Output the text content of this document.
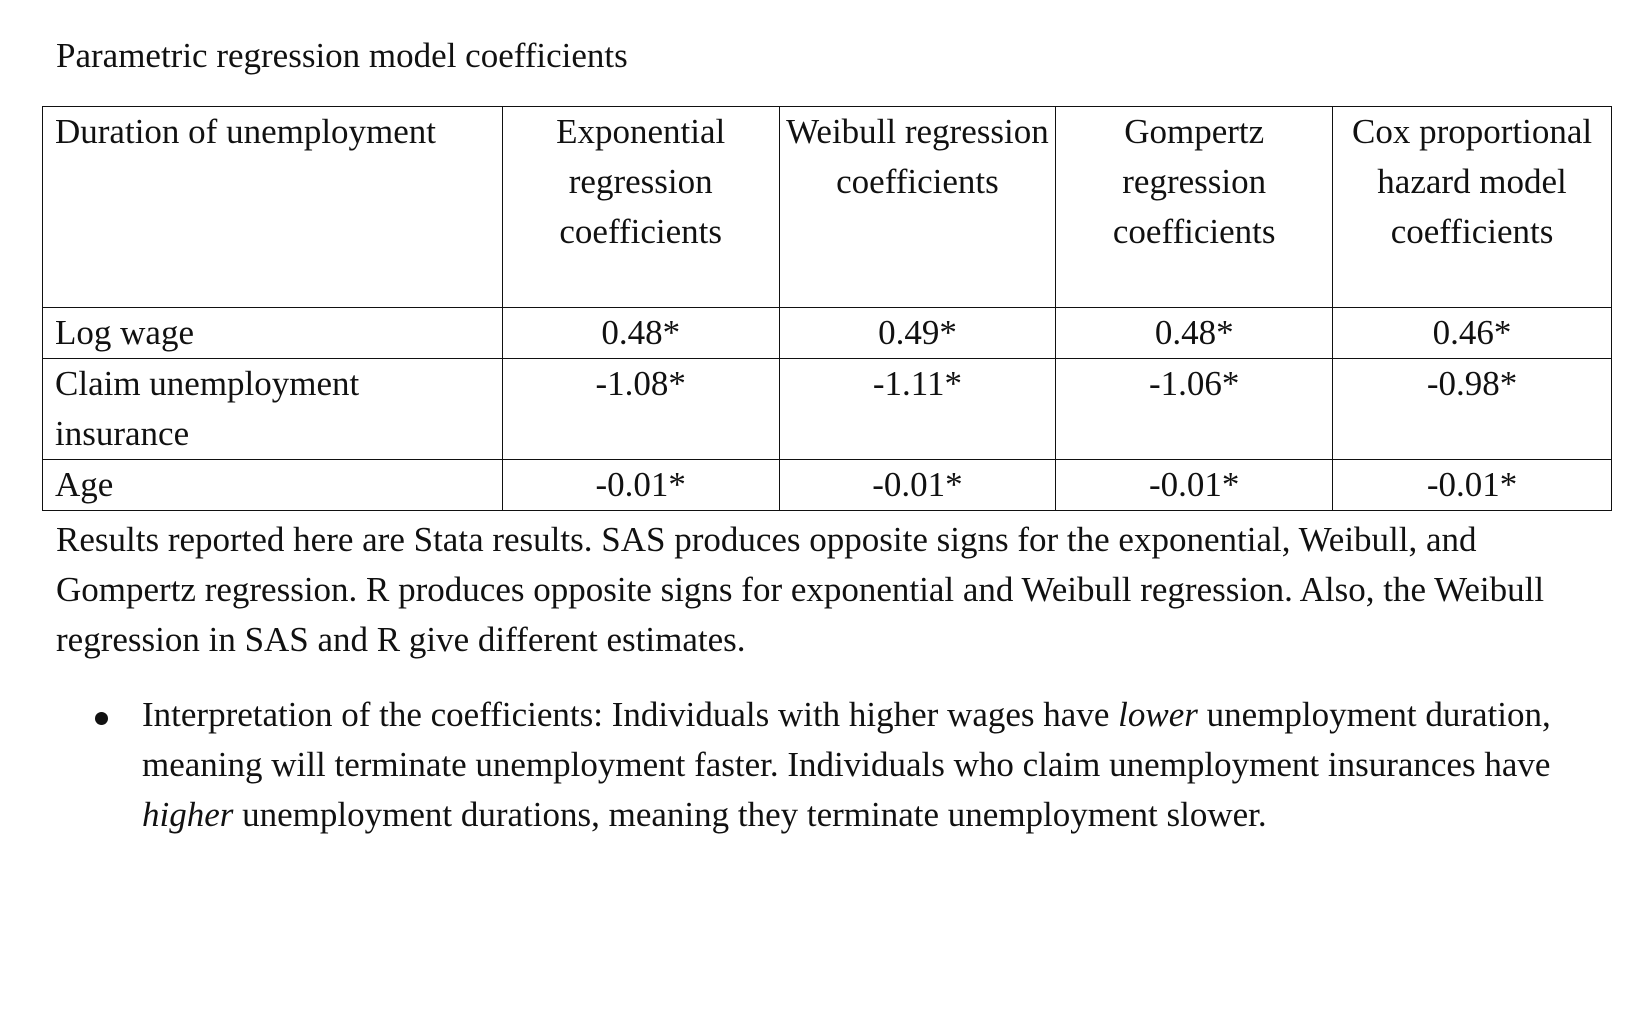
Parametric regression model coefficients
Duration of unemployment	Exponential regression coefficients	Weibull regression coefficients	Gompertz regression coefficients	Cox proportional hazard model coefficients
Log wage	0.48*	0.49*	0.48*	0.46*
Claim unemployment insurance	-1.08*	-1.11*	-1.06*	-0.98*
Age	-0.01*	-0.01*	-0.01*	-0.01*
Results reported here are Stata results. SAS produces opposite signs for the exponential, Weibull, and Gompertz regression. R produces opposite signs for exponential and Weibull regression. Also, the Weibull regression in SAS and R give different estimates.
Interpretation of the coefficients: Individuals with higher wages have lower unemployment duration, meaning will terminate unemployment faster. Individuals who claim unemployment insurances have higher unemployment durations, meaning they terminate unemployment slower.
